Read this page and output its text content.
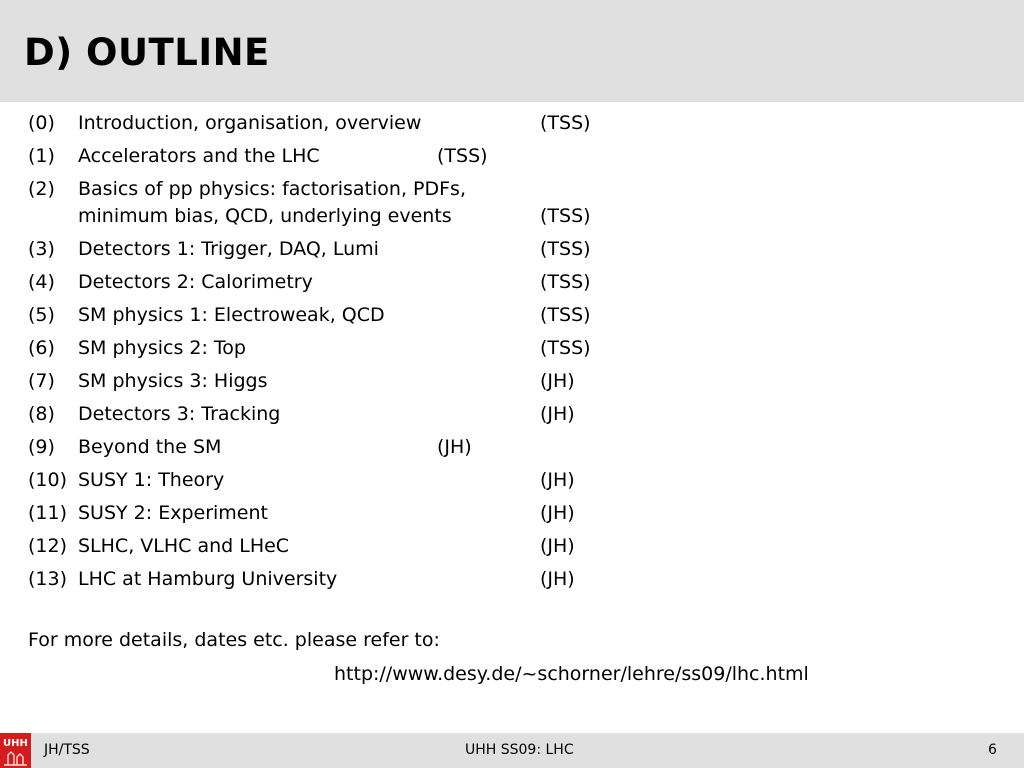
D) OUTLINE
(0) Introduction, organisation, overview	(TSS)
(1) Accelerators and the LHC	(TSS)
(2) Basics of pp physics: factorisation, PDFs,
minimum bias, QCD, underlying events	(TSS)
(3) Detectors 1: Trigger, DAQ, Lumi	(TSS)
(4) Detectors 2: Calorimetry	(TSS)
(5) SM physics 1: Electroweak, QCD	(TSS)
(6) SM physics 2: Top	(TSS)
(7) SM physics 3: Higgs	(JH)
(8) Detectors 3: Tracking	(JH)
(9) Beyond the SM	(JH)
(10) SUSY 1: Theory	(JH)
(11) SUSY 2: Experiment	(JH)
(12) SLHC, VLHC and LHeC	(JH)
(13) LHC at Hamburg University	(JH)
For more details, dates etc. please refer to:
http://www.desy.de/~schorner/lehre/ss09/lhc.html
JH/TSS	UHH SS09: LHC	6
UHH
